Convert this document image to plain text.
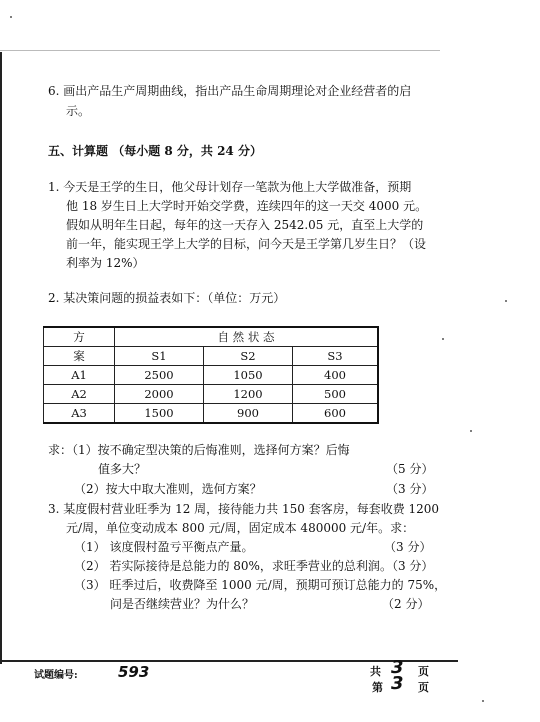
6. 画出产品生产周期曲线，指出产品生命周期理论对企业经营者的启
示。
五、计算题 （每小题 8 分，共 24 分）
1. 今天是王学的生日，他父母计划存一笔款为他上大学做准备，预期
他 18 岁生日上大学时开始交学费，连续四年的这一天交 4000 元。
假如从明年生日起，每年的这一天存入 2542.05 元，直至上大学的
前一年，能实现王学上大学的目标，问今天是王学第几岁生日？（设
利率为 12%）
2. 某决策问题的损益表如下：（单位：万元）
方	自 然 状 态		
案	S1	S2	S3
A1	2500	1050	400
A2	2000	1200	500
A3	1500	900	600
求：（1）按不确定型决策的后悔准则，选择何方案？后悔
值多大？	（5 分）
（2）按大中取大准则，选何方案？	（3 分）
3. 某度假村营业旺季为 12 周，接待能力共 150 套客房，每套收费 1200
元/周，单位变动成本 800 元/周，固定成本 480000 元/年。求：
（1） 该度假村盈亏平衡点产量。	（3 分）
（2） 若实际接待是总能力的 80%，求旺季营业的总利润。（3 分）
（3） 旺季过后，收费降至 1000 元/周，预期可预订总能力的 75%，
问是否继续营业？为什么？	（2 分）
试题编号:	593	共 3 页
第 3 页
